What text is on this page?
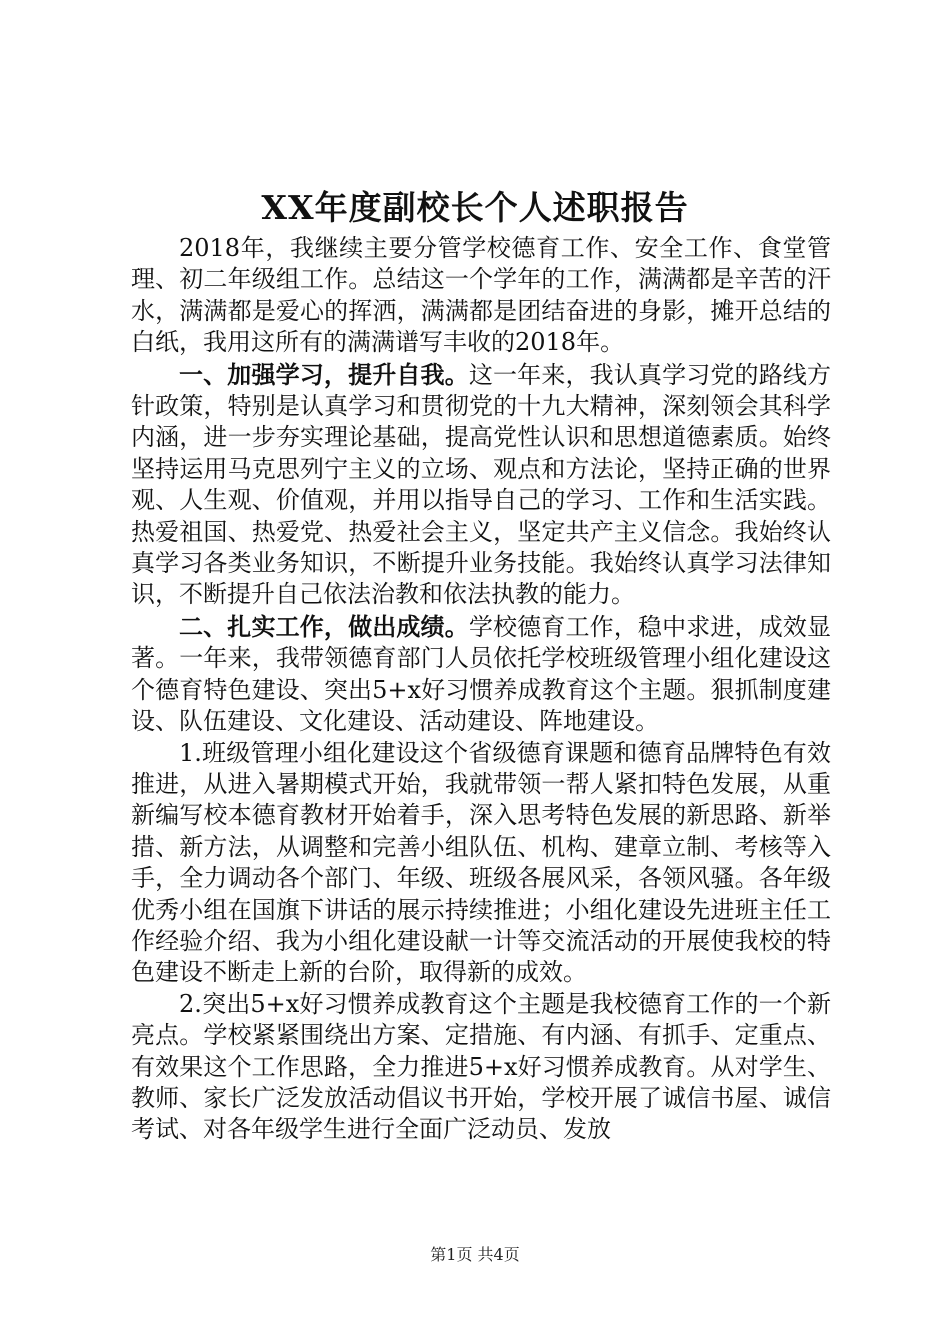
XX年度副校长个人述职报告

2018年，我继续主要分管学校德育工作、安全工作、食堂管理、初二年级组工作。总结这一个学年的工作，满满都是辛苦的汗水，满满都是爱心的挥洒，满满都是团结奋进的身影，摊开总结的白纸，我用这所有的满满谱写丰收的2018年。

一、加强学习，提升自我。这一年来，我认真学习党的路线方针政策，特别是认真学习和贯彻党的十九大精神，深刻领会其科学内涵，进一步夯实理论基础，提高党性认识和思想道德素质。始终坚持运用马克思列宁主义的立场、观点和方法论，坚持正确的世界观、人生观、价值观，并用以指导自己的学习、工作和生活实践。热爱祖国、热爱党、热爱社会主义，坚定共产主义信念。我始终认真学习各类业务知识，不断提升业务技能。我始终认真学习法律知识，不断提升自己依法治教和依法执教的能力。

二、扎实工作，做出成绩。学校德育工作，稳中求进，成效显著。一年来，我带领德育部门人员依托学校班级管理小组化建设这个德育特色建设、突出5+x好习惯养成教育这个主题。狠抓制度建设、队伍建设、文化建设、活动建设、阵地建设。

1.班级管理小组化建设这个省级德育课题和德育品牌特色有效推进，从进入暑期模式开始，我就带领一帮人紧扣特色发展，从重新编写校本德育教材开始着手，深入思考特色发展的新思路、新举措、新方法，从调整和完善小组队伍、机构、建章立制、考核等入手，全力调动各个部门、年级、班级各展风采，各领风骚。各年级优秀小组在国旗下讲话的展示持续推进；小组化建设先进班主任工作经验介绍、我为小组化建设献一计等交流活动的开展使我校的特色建设不断走上新的台阶，取得新的成效。

2.突出5+x好习惯养成教育这个主题是我校德育工作的一个新亮点。学校紧紧围绕出方案、定措施、有内涵、有抓手、定重点、有效果这个工作思路，全力推进5+x好习惯养成教育。从对学生、教师、家长广泛发放活动倡议书开始，学校开展了诚信书屋、诚信考试、对各年级学生进行全面广泛动员、发放

第1页 共4页
